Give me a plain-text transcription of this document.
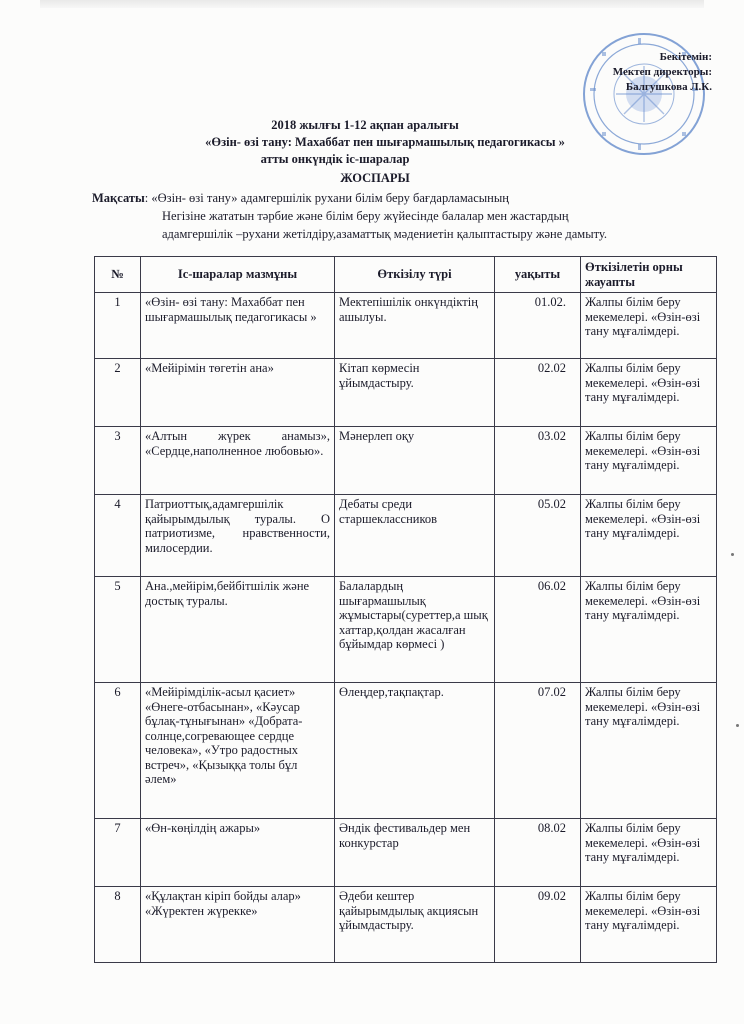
Бекітемін:
Мектеп директоры:
Балгушкова Л.К.
2018 жылғы 1-12 ақпан аралығы
«Өзін- өзі тану: Махаббат пен шығармашылық педагогикасы »
атты онкүндік іс-шаралар
ЖОСПАРЫ
Мақсаты: «Өзін- өзі тану» адамгершілік рухани білім беру бағдарламасының
Негізіне жататын тәрбие және білім беру жүйесінде балалар мен жастардың
адамгершілік –рухани жетілдіру,азаматтық мәдениетін қалыптастыру және дамыту.
№	Іс-шаралар мазмұны	Өткізілу түрі	уақыты	Өткізілетін орны жауапты
1	«Өзін- өзі тану: Махаббат пен шығармашылық педагогикасы »	Мектепішілік онкүндіктің ашылуы.	01.02.	Жалпы білім беру мекемелері. «Өзін-өзі тану мұғалімдері.
2	«Мейірімін төгетін ана»	Кітап көрмесін ұйымдастыру.	02.02	Жалпы білім беру мекемелері. «Өзін-өзі тану мұғалімдері.
3	«Алтын жүрек анамыз», «Сердце,наполненное любовью».	Мәнерлеп оқу	03.02	Жалпы білім беру мекемелері. «Өзін-өзі тану мұғалімдері.
4	Патриоттық,адамгершілік қайырымдылық туралы. О патриотизме, нравственности, милосердии.	Дебаты среди старшеклассников	05.02	Жалпы білім беру мекемелері. «Өзін-өзі тану мұғалімдері.
5	Ана.,мейірім,бейбітшілік және достық туралы.	Балалардың шығармашылық жұмыстары(суреттер,а шық хаттар,қолдан жасалған бұйымдар көрмесі )	06.02	Жалпы білім беру мекемелері. «Өзін-өзі тану мұғалімдері.
6	«Мейірімділік-асыл қасиет» «Өнеге-отбасынан», «Кәусар бұлақ-тұнығынан» «Добрата-солнце,согревающее сердце человека», «Утро радостных встреч», «Қызыққа толы бұл әлем»	Өлеңдер,тақпақтар.	07.02	Жалпы білім беру мекемелері. «Өзін-өзі тану мұғалімдері.
7	«Өн-көңілдің ажары»	Әндік фестивальдер мен конкурстар	08.02	Жалпы білім беру мекемелері. «Өзін-өзі тану мұғалімдері.
8	«Құлақтан кіріп бойды алар» «Жүректен жүрекке»	Әдеби кештер қайырымдылық акциясын ұйымдастыру.	09.02	Жалпы білім беру мекемелері. «Өзін-өзі тану мұғалімдері.
